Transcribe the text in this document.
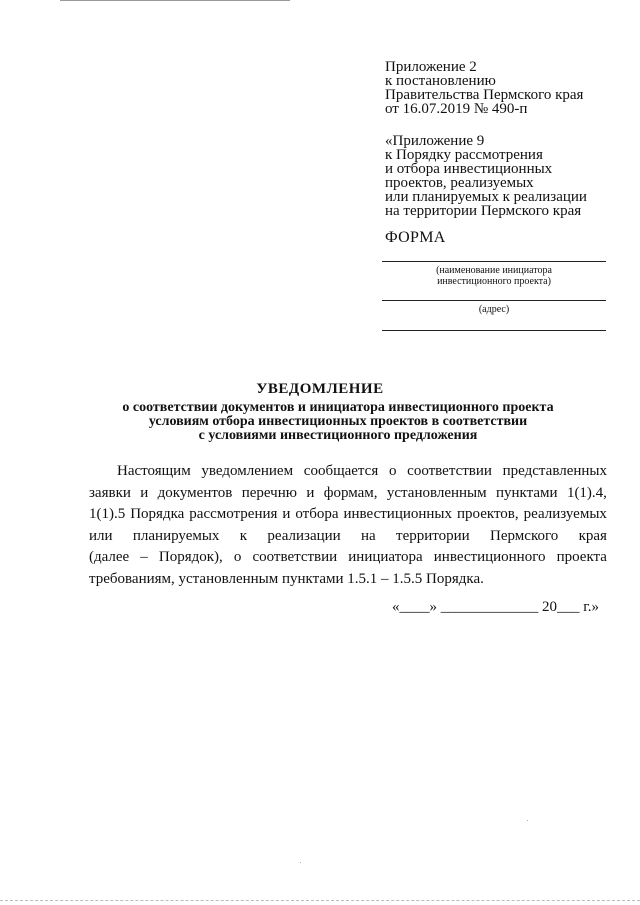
Приложение 2
к постановлению
Правительства Пермского края
от 16.07.2019 № 490-п
«Приложение 9
к Порядку рассмотрения
и отбора инвестиционных
проектов, реализуемых
или планируемых к реализации
на территории Пермского края
ФОРМА
(наименование инициатора
инвестиционного проекта)
(адрес)
УВЕДОМЛЕНИЕ
о соответствии документов и инициатора инвестиционного проекта
условиям отбора инвестиционных проектов в соответствии
с условиями инвестиционного предложения
Настоящим уведомлением сообщается о соответствии представленных
заявки и документов перечню и формам, установленным пунктами 1(1).4,
1(1).5 Порядка рассмотрения и отбора инвестиционных проектов, реализуемых
или планируемых к реализации на территории Пермского края
(далее – Порядок), о соответствии инициатора инвестиционного проекта
требованиям, установленным пунктами 1.5.1 – 1.5.5 Порядка.
«____» _____________ 20___ г.»
